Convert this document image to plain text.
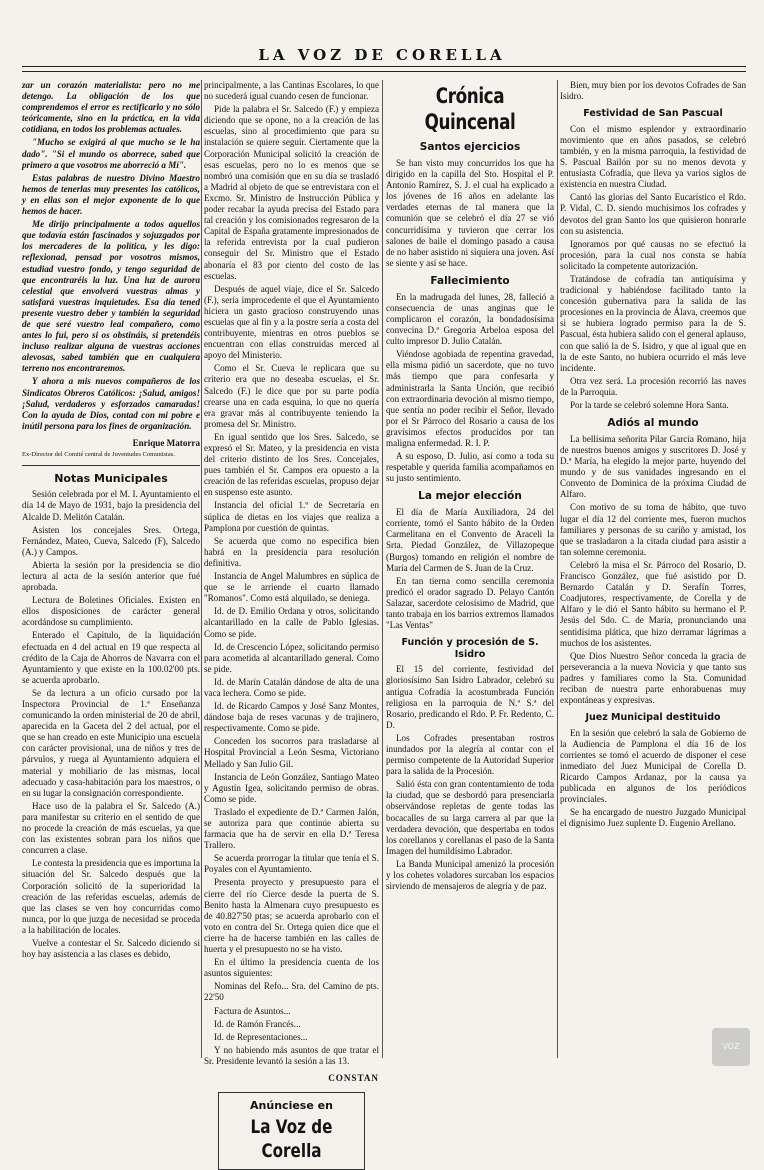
LA VOZ DE CORELLA

zar un corazón materialista: pero no me detengo. La obligación de los que comprendemos el error es rectificarlo y no sólo teóricamente, sino en la práctica, en la vida cotidiana, en todos los problemas actuales.

"Mucho se exigirá al que mucho se le ha dado". "Si el mundo os aborrece, sabed que primero a que vosotros me aborreció a Mí".

Estas palabras de nuestro Divino Maestro hemos de tenerlas muy presentes los católicos, y en ellas son el mejor exponente de lo que hemos de hacer.

Me dirijo principalmente a todos aquellos que todavía están fascinados y sojuzgados por los mercaderes de la política, y les digo: reflexionad, pensad por vosotros mismos, estudiad vuestro fondo, y tengo seguridad de que encontraréis la luz. Una luz de aurora celestial que envolverá vuestras almas y satisfará vuestras inquietudes. Esa día tened presente vuestro deber y también la seguridad de que seré vuestro leal compañero, como antes lo fui, pero si os obstináis, si pretendéis incluso realizar alguna de vuestras acciones alevosas, sabed también que en cualquiera terreno nos encontraremos.

Y ahora a mis nuevos compañeros de los Sindicatos Obreros Católicos: ¡Salud, amigos! ¡Salud, verdaderos y esforzados camaradas! Con la ayuda de Dios, contad con mi pobre e inútil persona para los fines de organización.

Enrique Matorra

Ex-Director del Comité central de Juventudes Comunistas.

Notas Municipales

Sesión celebrada por el M. I. Ayuntamiento el día 14 de Mayo de 1931, bajo la presidencia del Alcalde D. Melitón Catalán.

Asisten los concejales Sres. Ortega, Fernández, Mateo, Cueva, Salcedo (F), Salcedo (A.) y Campos.

Abierta la sesión por la presidencia se dio lectura al acta de la sesión anterior que fué aprobada.

Lectura de Boletines Oficiales. Existen en ellos disposiciones de carácter general acordándose su cumplimiento.

Enterado el Capitulo, de la liquidación efectuada en 4 del actual en 19 que respecta al crédito de la Caja de Ahorros de Navarra con el Ayuntamiento y que existe en la 100.02'00 pts. se acuerda aprobarlo.

Se da lectura a un oficio cursado por la Inspectora Provincial de 1.ª Enseñanza comunicando la orden ministerial de 20 de abril, aparecida en la Gaceta del 2 del actual, por el que se han creado en este Municipio una escuela con carácter provisional, una de niños y tres de párvulos, y ruega al Ayuntamiento adquiera el material y mobiliario de las mismas, local adecuado y casa-habitación para los maestros, o en su lugar la consignación correspondiente.

Hace uso de la palabra el Sr. Salcedo (A.) para manifestar su criterio en el sentido de que no procede la creación de más escuelas, ya que con las existentes sobran para los niños que concurren a clase.

Le contesta la presidencia que es importuna la situación del Sr. Salcedo después que la Corporación solicitó de la superioridad la creación de las referidas escuelas, además de que las clases se ven hoy concurridas como nunca, por lo que juzga de necesidad se proceda a la habilitación de locales.

Vuelve a contestar el Sr. Salcedo diciendo si hoy hay asistencia a las clases es debido,

principalmente, a las Cantinas Escolares, lo que no sucederá igual cuando cesen de funcionar.

Pide la palabra el Sr. Salcedo (F.) y empieza diciendo que se opone, no a la creación de las escuelas, sino al procedimiento que para su instalación se quiere seguir. Ciertamente que la Corporación Municipal solicitó la creación de esas escuelas, pero no lo es menos que se nombró una comisión que en su día se trasladó a Madrid al objeto de que se entrevistara con el Excmo. Sr. Ministro de Instrucción Pública y poder recabar la ayuda precisa del Estado para tal creación y los comisionados regresaron de la Capital de España gratamente impresionados de la referida entrevista por la cual pudieron conseguir del Sr. Ministro que el Estado abonaría el 83 por ciento del costo de las escuelas.

Después de aquel viaje, dice el Sr. Salcedo (F.), sería improcedente el que el Ayuntamiento hiciera un gasto gracioso construyendo unas escuelas que al fin y a la postre sería a costa del contribuyente, mientras en otros pueblos se encuentran con ellas construidas merced al apoyo del Ministerio.

Como el Sr. Cueva le replicara que su criterio era que no deseaba escuelas, el Sr. Salcedo (F.) le dice que por su parte podía crearse una en cada esquina, lo que no quería era gravar más al contribuyente teniendo la promesa del Sr. Ministro.

En igual sentido que los Sres. Salcedo, se expresó el Sr. Mateo, y la presidencia en vista del criterio distinto de los Sres. Concejales, pues también el Sr. Campos era opuesto a la creación de las referidas escuelas, propuso dejar en suspenso este asunto.

Instancia del oficial 1.º de Secretaría en súplica de dietas en los viajes que realiza a Pamplona por cuestión de quintas.

Se acuerda que como no especifica bien habrá en la presidencia para resolución definitiva.

Instancia de Angel Malumbres en súplica de que se le arriende el cuarto llamado "Romanos". Como está alquilado, se deniega.

Id. de D. Emilio Ordana y otros, solicitando alcantarillado en la calle de Pablo Iglesias. Como se pide.

Id. de Crescencio López, solicitando permiso para acometida al alcantarillado general. Como se pide.

Id. de Marín Catalán dándose de alta de una vaca lechera. Como se pide.

Id. de Ricardo Campos y José Sanz Montes, dándose baja de reses vacunas y de trajinero, respectivamente. Como se pide.

Conceden los socorros para trasladarse al Hospital Provincial a León Sesma, Victoriano Mellado y San Julio Gil.

Instancia de León González, Santiago Mateo y Agustín Igea, solicitando permiso de obras. Como se pide.

Traslado el expediente de D.ª Carmen Jalón, se autoriza para que continúe abierta su farmacia que ha de servir en ella D.ª Teresa Trallero.

Se acuerda prorrogar la titular que tenía el S. Poyales con el Ayuntamiento.

Presenta proyecto y presupuesto para el cierre del río Cierce desde la puerta de S. Benito hasta la Almenara cuyo presupuesto es de 40.827'50 ptas; se acuerda aprobarlo con el voto en contra del Sr. Ortega quien dice que el cierre ha de hacerse también en las calles de huerta y el presupuesto no se ha visto.

En el último la presidencia cuenta de los asuntos siguientes:

Nominas del Refo... Sra. del Camino de pts. 22'50

Factura de Asuntos...

Id. de Ramón Francés...

Id. de Representaciones...

Y no habiendo más asuntos de que tratar el Sr. Presidente levantó la sesión a las 13.

CONSTAN

Anúnciese en
La Voz de Corella
Crónica Quincenal
Santos ejercicios

Se han visto muy concurridos los que ha dirigido en la capilla del Sto. Hospital el P. Antonio Ramírez, S. J. el cual ha explicado a los jóvenes de 16 años en adelante las verdades eternas de tal manera que la comunión que se celebró el día 27 se vió concurridísima y tuvieron que cerrar los salones de baile el domingo pasado a causa de no haber asistido ni siquiera una joven. Así se siente y así se hace.

Fallecimiento

En la madrugada del lunes, 28, falleció a consecuencia de unas anginas que le complicaron el corazón, la bondadosísima convecina D.ª Gregoria Arbeloa esposa del culto impresor D. Julio Catalán.

Viéndose agobiada de repentina gravedad, ella misma pidió un sacerdote, que no tuvo más tiempo que para confesarla y administrarla la Santa Unción, que recibió con extraordinaria devoción al mismo tiempo, que sentía no poder recibir el Señor, llevado por el Sr Párroco del Rosario a causa de los gravísimos efectos producidos por tan maligna enfermedad. R. I. P.

A su esposo, D. Julio, así como a toda su respetable y querida familia acompañamos en su justo sentimiento.

La mejor elección

El día de María Auxiliadora, 24 del corriente, tomó el Santo hábito de la Orden Carmelitana en el Convento de Araceli la Srta. Piedad González, de Villazopeque (Burgos) tomando en religión el nombre de María del Carmen de S. Juan de la Cruz.

En tan tierna como sencilla ceremonia predicó el orador sagrado D. Pelayo Cantón Salazar, sacerdote celosísimo de Madrid, que tanto trabaja en los barrios extremos llamados "Las Ventas"

Función y procesión de S. Isidro

El 15 del corriente, festividad del gloriosísimo San Isidro Labrador, celebró su antigua Cofradía la acostumbrada Función religiosa en la parroquia de N.ª S.ª del Rosario, predicando el Rdo. P. Fr. Redento, C. D.

Los Cofrades presentaban rostros inundados por la alegría al contar con el permiso competente de la Autoridad Superior para la salida de la Procesión.

Salió ésta con gran contentamiento de toda la ciudad, que se desbordó para presenciarla observándose repletas de gente todas las bocacalles de su larga carrera al par que la verdadera devoción, que despertaba en todos los corellanos y corellanas el paso de la Santa Imagen del humildísimo Labrador.

La Banda Municipal amenizó la procesión y los cohetes voladores surcaban los espacios sirviendo de mensajeros de alegría y de paz.

Bien, muy bien por los devotos Cofrades de San Isidro.

Festividad de San Pascual

Con el mismo esplendor y extraordinario movimiento que en años pasados, se celebró también, y en la misma parroquia, la festividad de S. Pascual Bailón por su no menos devota y entusiasta Cofradía, que lleva ya varios siglos de existencia en nuestra Ciudad.

Cantó las glorias del Santo Eucarístico el Rdo. P. Vidal, C. D. siendo muchísimos los cofrades y devotos del gran Santo los que quisieron honrarle con su asistencia.

Ignoramos por qué causas no se efectuó la procesión, para la cual nos consta se había solicitado la competente autorización.

Tratándose de cofradía tan antiquísima y tradicional y habiéndose facilitado tanto la concesión gubernativa para la salida de las procesiones en la provincia de Álava, creemos que si se hubiera logrado permiso para la de S. Pascual, ésta hubiera salido con el general aplauso, con que salió la de S. Isidro, y que al igual que en la de este Santo, no hubiera ocurrido el más leve incidente.

Otra vez será. La procesión recorrió las naves de la Parroquia.

Por la tarde se celebró solemne Hora Santa.

Adiós al mundo

La bellísima señorita Pilar García Romano, hija de nuestros buenos amigos y suscritores D. José y D.ª María, ha elegido la mejor parte, huyendo del mundo y de sus vanidades ingresando en el Convento de Dominica de la próxima Ciudad de Alfaro.

Con motivo de su toma de hábito, que tuvo lugar el día 12 del corriente mes, fueron muchos familiares y personas de su cariño y amistad, los que se trasladaron a la citada ciudad para asistir a tan solemne ceremonia.

Celebró la misa el Sr. Párroco del Rosario, D. Francisco González, que fué asistido por D. Bernardo Catalán y D. Serafín Torres, Coadjutores, respectivamente, de Corella y de Alfaro y le dió el Santo hábito su hermano el P. Jesús del Sdo. C. de María, pronunciando una sentidísima plática, que hizo derramar lágrimas a muchos de los asistentes.

Que Dios Nuestro Señor conceda la gracia de perseverancia a la nueva Novicia y que tanto sus padres y familiares como la Sta. Comunidad reciban de nuestra parte enhorabuenas muy expontáneas y expresivas.

Juez Municipal destituido

En la sesión que celebró la sala de Gobierno de la Audiencia de Pamplona el día 16 de los corrientes se tomó el acuerdo de disponer el cese inmediato del Juez Municipal de Corella D. Ricardo Campos Ardanaz, por la causa ya publicada en algunos de los periódicos provinciales.

Se ha encargado de nuestro Juzgado Municipal el dignísimo Juez suplente D. Eugenio Arellano.

VOZ
